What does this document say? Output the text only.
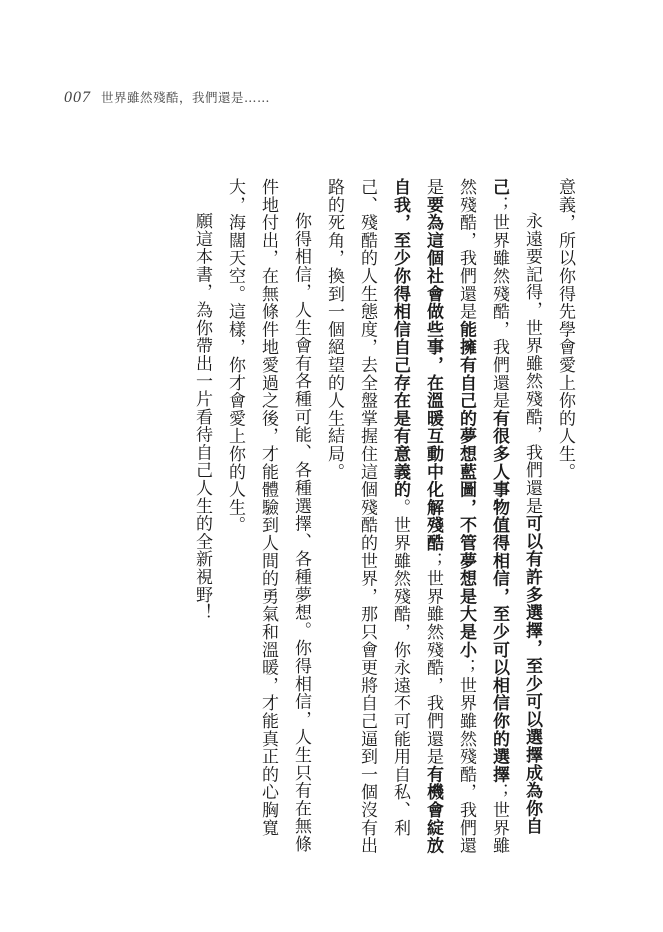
007 世界雖然殘酷，我們還是……

意義，所以你得先學會愛上你的人生。

永遠要記得，世界雖然殘酷，我們還是可以有許多選擇，至少可以選擇成為你自己；世界雖然殘酷，我們還是有很多人事物值得相信，至少可以相信你的選擇；世界雖然殘酷，我們還是能擁有自己的夢想藍圖，不管夢想是大是小；世界雖然殘酷，我們還是要為這個社會做些事，在溫暖互動中化解殘酷；世界雖然殘酷，我們還是有機會綻放自我，至少你得相信自己存在是有意義的。世界雖然殘酷，你永遠不可能用自私、利己、殘酷的人生態度，去全盤掌握住這個殘酷的世界，那只會更將自己逼到一個沒有出路的死角，換到一個絕望的人生結局。

你得相信，人生會有各種可能、各種選擇、各種夢想。你得相信，人生只有在無條件地付出，在無條件地愛過之後，才能體驗到人間的勇氣和溫暖，才能真正的心胸寬大，海闊天空。這樣，你才會愛上你的人生。

願這本書，為你帶出一片看待自己人生的全新視野！
